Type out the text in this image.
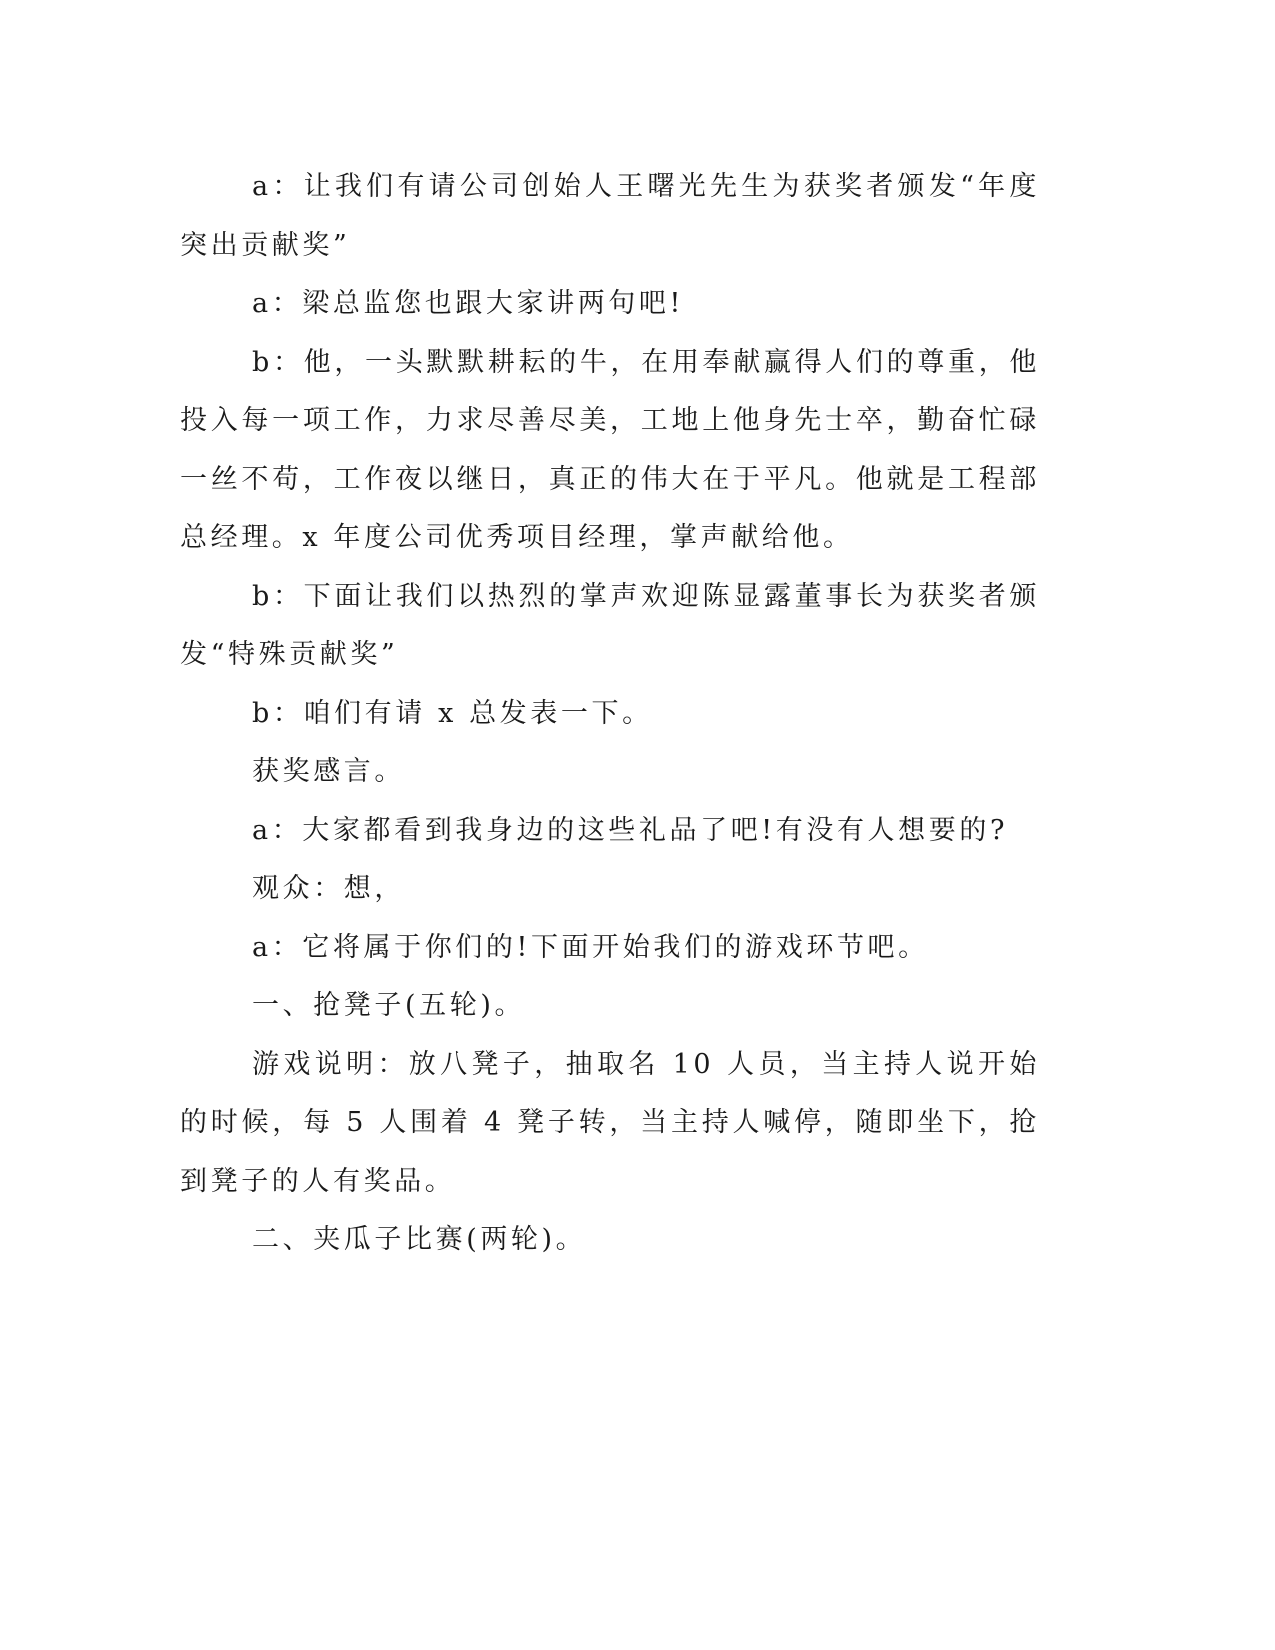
a：让我们有请公司创始人王曙光先生为获奖者颁发“年度突出贡献奖”

a：梁总监您也跟大家讲两句吧!

b：他，一头默默耕耘的牛，在用奉献赢得人们的尊重，他投入每一项工作，力求尽善尽美，工地上他身先士卒，勤奋忙碌一丝不苟，工作夜以继日，真正的伟大在于平凡。他就是工程部总经理。x 年度公司优秀项目经理，掌声献给他。

b：下面让我们以热烈的掌声欢迎陈显露董事长为获奖者颁发“特殊贡献奖”

b：咱们有请 x 总发表一下。

获奖感言。

a：大家都看到我身边的这些礼品了吧!有没有人想要的?

观众：想，

a：它将属于你们的!下面开始我们的游戏环节吧。

一、抢凳子(五轮)。

游戏说明：放八凳子，抽取名 10 人员，当主持人说开始的时候，每 5 人围着 4 凳子转，当主持人喊停，随即坐下，抢到凳子的人有奖品。

二、夹瓜子比赛(两轮)。
